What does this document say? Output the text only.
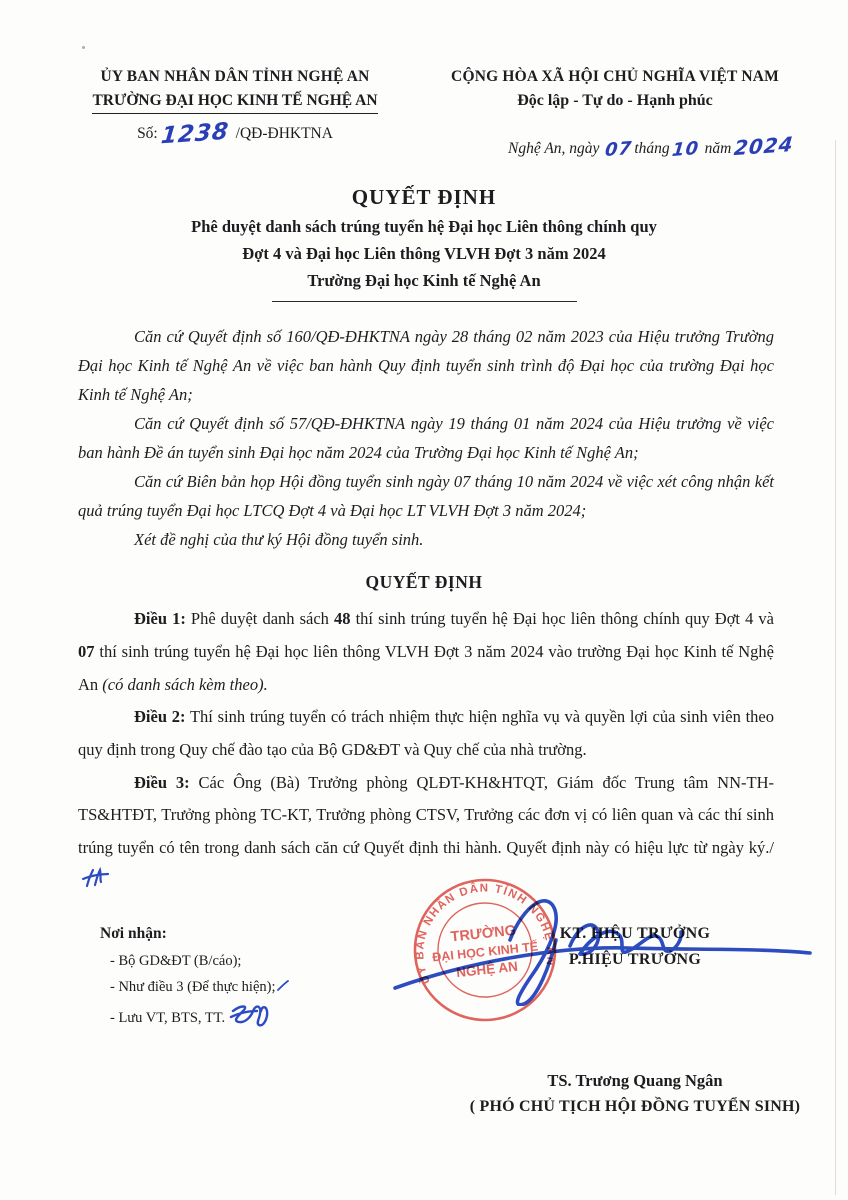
ỦY BAN NHÂN DÂN TỈNH NGHỆ AN
TRƯỜNG ĐẠI HỌC KINH TẾ NGHỆ AN
Số:1238 /QĐ-ĐHKTNA
CỘNG HÒA XÃ HỘI CHỦ NGHĨA VIỆT NAM
Độc lập - Tự do - Hạnh phúc
Nghệ An, ngày 07tháng10 năm2024
QUYẾT ĐỊNH
Phê duyệt danh sách trúng tuyển hệ Đại học Liên thông chính quy
Đợt 4 và Đại học Liên thông VLVH Đợt 3 năm 2024
Trường Đại học Kinh tế Nghệ An

Căn cứ Quyết định số 160/QĐ-ĐHKTNA ngày 28 tháng 02 năm 2023 của Hiệu trưởng Trường Đại học Kinh tế Nghệ An về việc ban hành Quy định tuyển sinh trình độ Đại học của trường Đại học Kinh tế Nghệ An;

Căn cứ Quyết định số 57/QĐ-ĐHKTNA ngày 19 tháng 01 năm 2024 của Hiệu trưởng về việc ban hành Đề án tuyển sinh Đại học năm 2024 của Trường Đại học Kinh tế Nghệ An;

Căn cứ Biên bản họp Hội đồng tuyển sinh ngày 07 tháng 10 năm 2024 về việc xét công nhận kết quả trúng tuyển Đại học LTCQ Đợt 4 và Đại học LT VLVH Đợt 3 năm 2024;

Xét đề nghị của thư ký Hội đồng tuyển sinh.

QUYẾT ĐỊNH

Điều 1: Phê duyệt danh sách 48 thí sinh trúng tuyển hệ Đại học liên thông chính quy Đợt 4 và 07 thí sinh trúng tuyển hệ Đại học liên thông VLVH Đợt 3 năm 2024 vào trường Đại học Kinh tế Nghệ An (có danh sách kèm theo).

Điều 2: Thí sinh trúng tuyển có trách nhiệm thực hiện nghĩa vụ và quyền lợi của sinh viên theo quy định trong Quy chế đào tạo của Bộ GD&ĐT và Quy chế của nhà trường.

Điều 3: Các Ông (Bà) Trưởng phòng QLĐT-KH&HTQT, Giám đốc Trung tâm NN-TH-TS&HTĐT, Trưởng phòng TC-KT, Trưởng phòng CTSV, Trưởng các đơn vị có liên quan và các thí sinh trúng tuyển có tên trong danh sách căn cứ Quyết định thi hành. Quyết định này có hiệu lực từ ngày ký./

Nơi nhận:
- Bộ GD&ĐT (B/cáo);
- Như điều 3 (Để thực hiện);
- Lưu VT, BTS, TT.
KT. HIỆU TRƯỞNG
P.HIỆU TRƯỞNG
TS. Trương Quang Ngân
( PHÓ CHỦ TỊCH HỘI ĐỒNG TUYỂN SINH)
ỦY BAN NHÂN DÂN TỈNH NGHỆ AN
TRƯỜNG
ĐẠI HỌC KINH TẾ
NGHỆ AN
